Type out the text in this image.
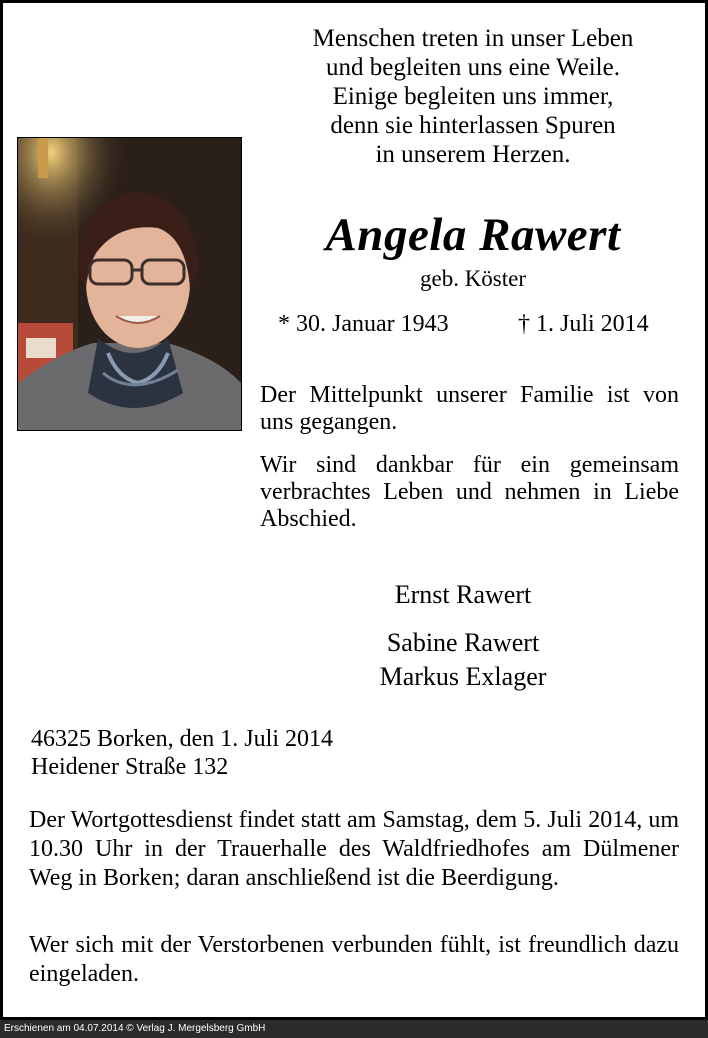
Menschen treten in unser Leben
und begleiten uns eine Weile.
Einige begleiten uns immer,
denn sie hinterlassen Spuren
in unserem Herzen.
Angela Rawert
geb. Köster
* 30. Januar 1943	† 1. Juli 2014
Der Mittelpunkt unserer Familie ist von uns gegangen.
Wir sind dankbar für ein gemeinsam verbrachtes Leben und nehmen in Liebe Abschied.
Ernst Rawert
Sabine Rawert
Markus Exlager
46325 Borken, den 1. Juli 2014
Heidener Straße 132
Der Wortgottesdienst findet statt am Samstag, dem 5. Juli 2014, um 10.30 Uhr in der Trauerhalle des Waldfriedhofes am Dülmener Weg in Borken; daran anschließend ist die Beerdigung.
Wer sich mit der Verstorbenen verbunden fühlt, ist freundlich dazu eingeladen.
Erschienen am 04.07.2014 © Verlag J. Mergelsberg GmbH
